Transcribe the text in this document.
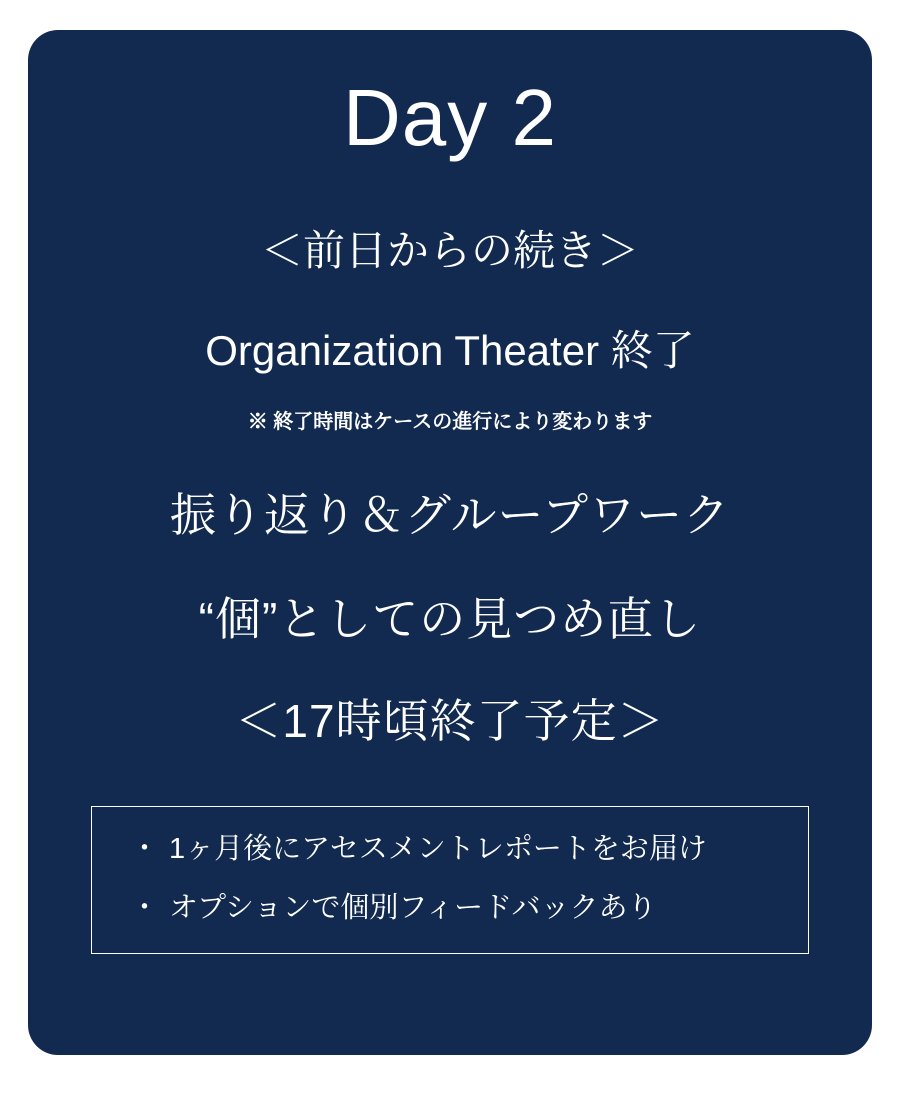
Day 2
＜前日からの続き＞
Organization Theater 終了
※ 終了時間はケースの進行により変わります
振り返り＆グループワーク
“個”としての見つめ直し
＜17時頃終了予定＞
・ 1ヶ月後にアセスメントレポートをお届け
・ オプションで個別フィードバックあり
